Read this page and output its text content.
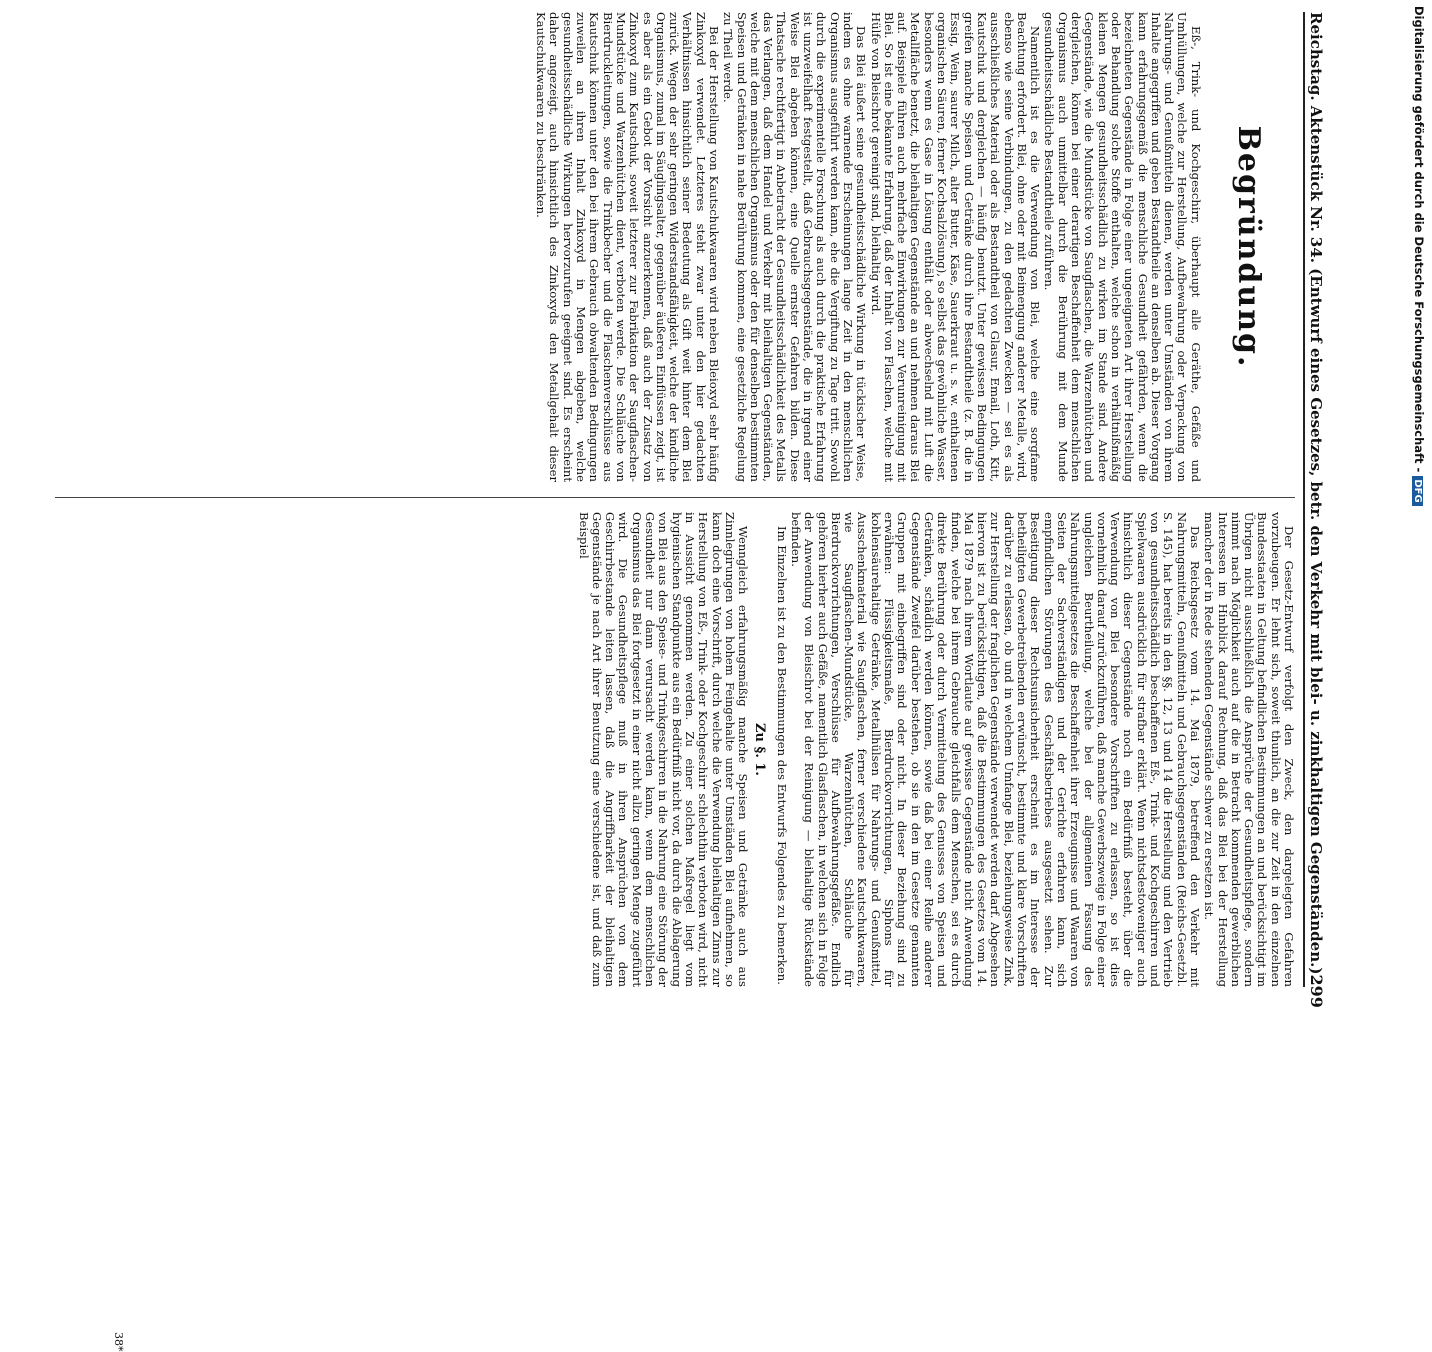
Reichstag. Aktenstück Nr. 34. (Entwurf eines Gesetzes, betr. den Verkehr mit blei- u. zinkhaltigen Gegenständen.)
299
Begründung.

Eß-, Trink- und Kochgeschirr, überhaupt alle Geräthe, Gefäße und Umhüllungen, welche zur Herstellung, Aufbewahrung oder Verpackung von Nahrungs- und Genußmitteln dienen, werden unter Umständen von ihrem Inhalte angegriffen und geben Bestandtheile an denselben ab. Dieser Vorgang kann erfahrungsgemäß die menschliche Gesundheit gefährden, wenn die bezeichneten Gegenstände in Folge einer ungeeigneten Art ihrer Herstellung oder Behandlung solche Stoffe enthalten, welche schon in verhältnißmäßig kleinen Mengen gesundheitsschädlich zu wirken im Stande sind. Andere Gegenstände, wie die Mundstücke von Saugflaschen, die Warzenhütchen und dergleichen, können bei einer derartigen Beschaffenheit dem menschlichen Organismus auch unmittelbar durch die Berührung mit dem Munde gesundheitsschädliche Bestandtheile zuführen.

Namentlich ist es die Verwendung von Blei, welche eine sorgfame Beachtung erfordert. Blei, ohne oder mit Beimengung anderer Metalle, wird, ebenso wie seine Verbindungen, zu den gedachten Zwecken — sei es als ausschließliches Material oder als Bestandtheil von Glasur, Email, Loth, Kitt, Kautschuk und dergleichen — häufig benutzt. Unter gewissen Bedingungen greifen manche Speisen und Getränke durch ihre Bestandtheile (z. B. die in Essig, Wein, saurer Milch, alter Butter, Käse, Sauerkraut u. s. w. enthaltenen organischen Säuren, ferner Kochsalzlösung), so selbst das gewöhnliche Wasser, besonders wenn es Gase in Lösung enthält oder abwechselnd mit Luft die Metallfläche benetzt, die bleihaltigen Gegenstände an und nehmen daraus Blei auf. Beispiele führen auch mehrfache Einwirkungen zur Verunreinigung mit Blei. So ist eine bekannte Erfahrung, daß der Inhalt von Flaschen, welche mit Hülfe von Bleischrot gereinigt sind, bleihaltig wird.

Das Blei äußert seine gesundheitsschädliche Wirkung in tückischer Weise, indem es ohne warnende Erscheinungen lange Zeit in den menschlichen Organismus ausgeführt werden kann, ehe die Vergiftung zu Tage tritt. Sowohl durch die experimentelle Forschung als auch durch die praktische Erfahrung ist unzweifelhaft festgestellt, daß Gebrauchsgegenstände, die in irgend einer Weise Blei abgeben können, eine Quelle ernster Gefahren bilden. Diese Thatsache rechtfertigt in Anbetracht der Gesundheitsschädlichkeit des Metalls das Verlangen, daß dem Handel und Verkehr mit bleihaltigen Gegenständen, welche mit dem menschlichen Organismus oder den für denselben bestimmten Speisen und Getränken in nahe Berührung kommen, eine gesetzliche Regelung zu Theil werde.

Bei der Herstellung von Kautschukwaaren wird neben Bleioxyd sehr häufig Zinkoxyd verwendet. Letzteres steht zwar unter den hier gedachten Verhältnissen hinsichtlich seiner Bedeutung als Gift weit hinter dem Blei zurück. Wegen der sehr geringen Widerstandsfähigkeit, welche der kindliche Organismus, zumal im Säuglingsalter, gegenüber äußeren Einflüssen zeigt, ist es aber als ein Gebot der Vorsicht anzuerkennen, daß auch der Zusatz von Zinkoxyd zum Kautschuk, soweit letzterer zur Fabrikation der Saugflaschen-Mundstücke und Warzenhütchen dient, verboten werde. Die Schläuche von Bierdruckleitungen, sowie die Trinkbecher und die Flaschenverschlüsse aus Kautschuk können unter den bei ihrem Gebrauch obwaltenden Bedingungen zuweilen an ihren Inhalt Zinkoxyd in Mengen abgeben, welche gesundheitsschädliche Wirkungen hervorzurufen geeignet sind. Es erscheint daher angezeigt, auch hinsichtlich des Zinkoxyds den Metallgehalt dieser Kautschukwaaren zu beschränken.

Der Gesetz-Entwurf verfolgt den Zweck, den dargelegten Gefahren vorzubeugen. Er lehnt sich, soweit thunlich, an die zur Zeit in den einzelnen Bundesstaaten in Geltung befindlichen Bestimmungen an und berücksichtigt im Übrigen nicht ausschließlich die Ansprüche der Gesundheitspflege, sondern nimmt nach Möglichkeit auch auf die in Betracht kommenden gewerblichen Interessen im Hinblick darauf Rechnung, daß das Blei bei der Herstellung mancher der in Rede stehenden Gegenstände schwer zu ersetzen ist.

Das Reichsgesetz vom 14. Mai 1879, betreffend den Verkehr mit Nahrungsmitteln, Genußmitteln und Gebrauchsgegenständen (Reichs-Gesetzbl. S. 145), hat bereits in den §§. 12, 13 und 14 die Herstellung und den Vertrieb von gesundheitsschädlich beschaffenen Eß-, Trink- und Kochgeschirren und Spielwaaren ausdrücklich für strafbar erklärt. Wenn nichtsdestoweniger auch hinsichtlich dieser Gegenstände noch ein Bedürfniß besteht, über die Verwendung von Blei besondere Vorschriften zu erlassen, so ist dies vornehmlich darauf zurückzuführen, daß manche Gewerbszweige in Folge einer ungleichen Beurtheilung, welche bei der allgemeinen Fassung des Nahrungsmittelgesetzes die Beschaffenheit ihrer Erzeugnisse und Waaren von Seiten der Sachverständigen und der Gerichte erfahren kann, sich empfindlichen Störungen des Geschäftsbetriebes ausgesetzt sehen. Zur Beseitigung dieser Rechtsunsicherheit erscheint es im Interesse der betheiligten Gewerbetreibenden erwünscht, bestimmte und klare Vorschriften darüber zu erlassen, ob und in welchem Umfange Blei, beziehungsweise Zink, zur Herstellung der fraglichen Gegenstände verwendet werden darf. Abgesehen hiervon ist zu berücksichtigen, daß die Bestimmungen des Gesetzes vom 14. Mai 1879 nach ihrem Wortlaute auf gewisse Gegenstände nicht Anwendung finden, welche bei ihrem Gebrauche gleichfalls dem Menschen, sei es durch direkte Berührung oder durch Vermittelung des Genusses von Speisen und Getränken, schädlich werden können, sowie daß bei einer Reihe anderer Gegenstände Zweifel darüber bestehen, ob sie in den im Gesetze genannten Gruppen mit einbegriffen sind oder nicht. In dieser Beziehung sind zu erwähnen: Flüssigkeitsmaße, Bierdruckvorrichtungen, Siphons für kohlensäurehaltige Getränke, Metallhülsen für Nahrungs- und Genußmittel, Ausschenkmaterial wie Saugflaschen, ferner verschiedene Kautschukwaaren, wie Saugflaschen-Mundstücke, Warzenhütchen, Schläuche für Bierdruckvorrichtungen, Verschlüsse für Aufbewahrungsgefäße. Endlich gehören hierher auch Gefäße, namentlich Glasflaschen, in welchen sich in Folge der Anwendung von Bleischrot bei der Reinigung — bleihaltige Rückstände befinden.

Im Einzelnen ist zu den Bestimmungen des Entwurfs Folgendes zu bemerken.

Zu §. 1.

Wenngleich erfahrungsmäßig manche Speisen und Getränke auch aus Zinnlegirungen von hohem Feingehalte unter Umständen Blei aufnehmen, so kann doch eine Vorschrift, durch welche die Verwendung bleihaltigen Zinns zur Herstellung von Eß-, Trink- oder Kochgeschirr schlechthin verboten wird, nicht in Aussicht genommen werden. Zu einer solchen Maßregel liegt vom hygienischen Standpunkte aus ein Bedürfniß nicht vor, da durch die Ablagerung von Blei aus den Speise- und Trinkgeschirren in die Nahrung eine Störung der Gesundheit nur dann verursacht werden kann, wenn dem menschlichen Organismus das Blei fortgesetzt in einer nicht allzu geringen Menge zugeführt wird. Die Gesundheitspflege muß in ihren Ansprüchen von dem Geschirrbestande leiten lassen, daß die Angriffbarkeit der bleihaltigen Gegenstände je nach Art ihrer Benutzung eine verschiedene ist, und daß zum Beispiel

38*
Digitalisierung gefördert durch die Deutsche Forschungsgemeinschaft -DFG
